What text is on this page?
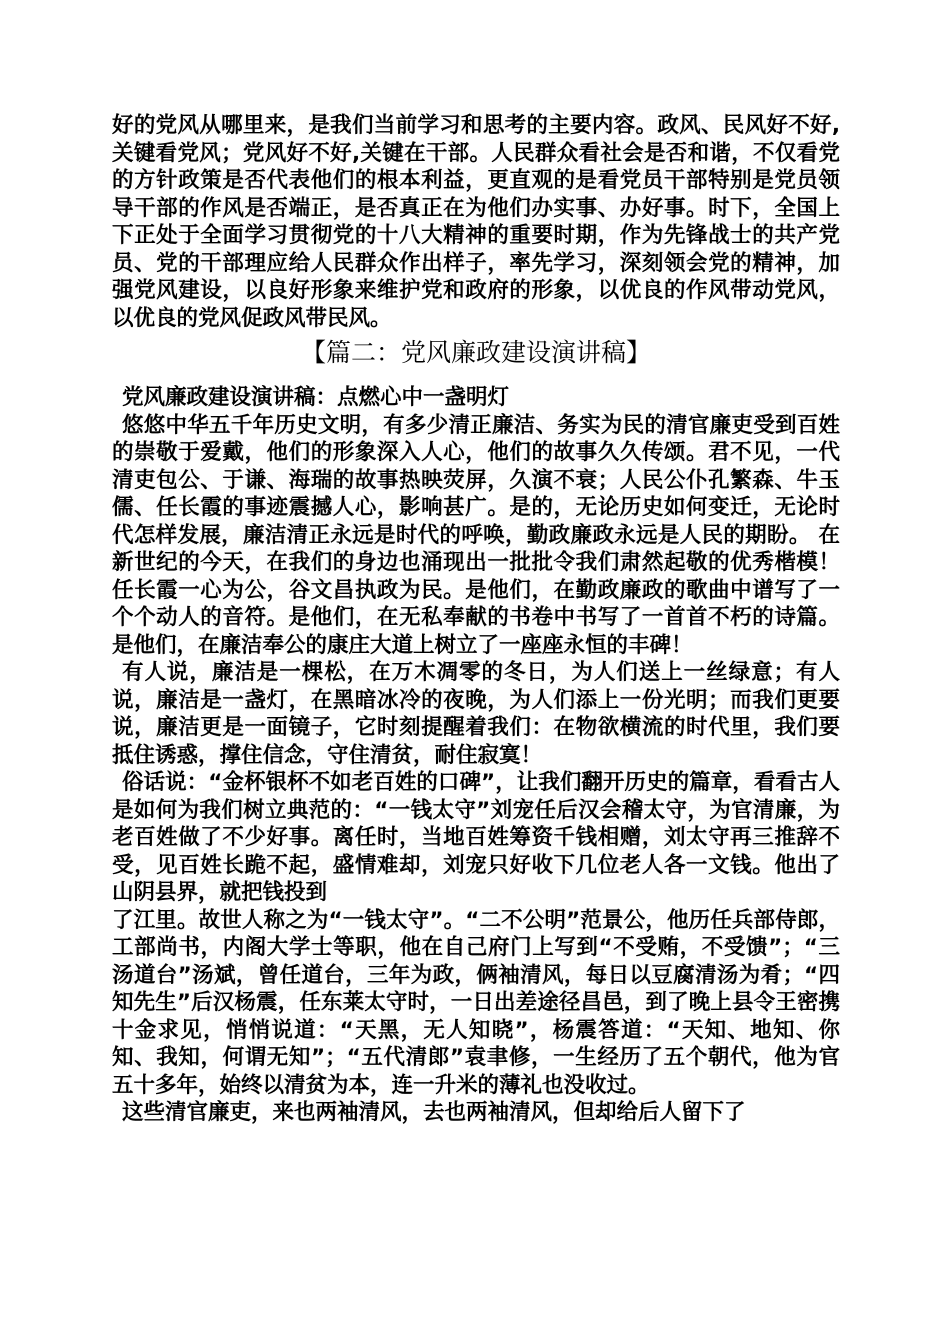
好的党风从哪里来，是我们当前学习和思考的主要内容。政风、民风好不好,关键看党风；党风好不好,关键在干部。人民群众看社会是否和谐，不仅看党的方针政策是否代表他们的根本利益，更直观的是看党员干部特别是党员领导干部的作风是否端正，是否真正在为他们办实事、办好事。时下，全国上下正处于全面学习贯彻党的十八大精神的重要时期，作为先锋战士的共产党员、党的干部理应给人民群众作出样子，率先学习，深刻领会党的精神，加强党风建设，以良好形象来维护党和政府的形象，以优良的作风带动党风，以优良的党风促政风带民风。

【篇二：党风廉政建设演讲稿】

党风廉政建设演讲稿：点燃心中一盏明灯

悠悠中华五千年历史文明，有多少清正廉洁、务实为民的清官廉吏受到百姓的崇敬于爱戴，他们的形象深入人心，他们的故事久久传颂。君不见，一代清吏包公、于谦、海瑞的故事热映荧屏，久演不衰；人民公仆孔繁森、牛玉儒、任长霞的事迹震撼人心，影响甚广。是的，无论历史如何变迁，无论时代怎样发展，廉洁清正永远是时代的呼唤，勤政廉政永远是人民的期盼。 在新世纪的今天，在我们的身边也涌现出一批批令我们肃然起敬的优秀楷模！任长霞一心为公，谷文昌执政为民。是他们，在勤政廉政的歌曲中谱写了一个个动人的音符。是他们，在无私奉献的书卷中书写了一首首不朽的诗篇。是他们，在廉洁奉公的康庄大道上树立了一座座永恒的丰碑！

有人说，廉洁是一棵松，在万木凋零的冬日，为人们送上一丝绿意；有人说，廉洁是一盏灯，在黑暗冰冷的夜晚，为人们添上一份光明；而我们更要说，廉洁更是一面镜子，它时刻提醒着我们：在物欲横流的时代里，我们要抵住诱惑，撑住信念，守住清贫，耐住寂寞！

俗话说：“金杯银杯不如老百姓的口碑”，让我们翻开历史的篇章，看看古人是如何为我们树立典范的：“一钱太守”刘宠任后汉会稽太守，为官清廉，为老百姓做了不少好事。离任时，当地百姓筹资千钱相赠，刘太守再三推辞不受，见百姓长跪不起，盛情难却，刘宠只好收下几位老人各一文钱。他出了山阴县界，就把钱投到

了江里。故世人称之为“一钱太守”。“二不公明”范景公，他历任兵部侍郎，工部尚书，内阁大学士等职，他在自己府门上写到“不受贿，不受馈”；“三汤道台”汤斌，曾任道台，三年为政，俩袖清风，每日以豆腐清汤为肴；“四知先生”后汉杨震，任东莱太守时，一日出差途径昌邑，到了晚上县令王密携十金求见，悄悄说道：“天黑，无人知晓”，杨震答道：“天知、地知、你知、我知，何谓无知”；“五代清郎”袁聿修，一生经历了五个朝代，他为官五十多年，始终以清贫为本，连一升米的薄礼也没收过。

这些清官廉吏，来也两袖清风，去也两袖清风，但却给后人留下了
